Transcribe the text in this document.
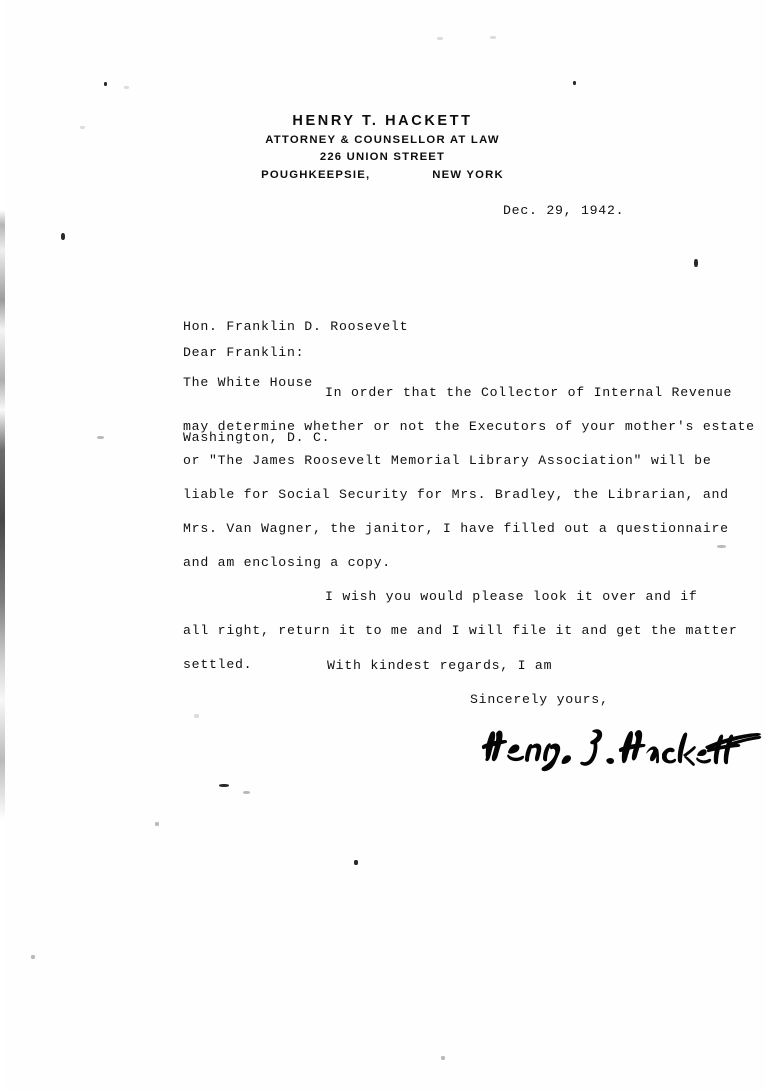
HENRY T. HACKETT
ATTORNEY & COUNSELLOR AT LAW
226 UNION STREET
POUGHKEEPSIE,	NEW YORK
Dec. 29, 1942.

Hon. Franklin D. Roosevelt

The White House

Washington, D. C.

Dear Franklin:
In order that the Collector of Internal Revenue
may determine whether or not the Executors of your mother's estate
or "The James Roosevelt Memorial Library Association" will be
liable for Social Security for Mrs. Bradley, the Librarian, and
Mrs. Van Wagner, the janitor, I have filled out a questionnaire
and am enclosing a copy.
I wish you would please look it over and if
all right, return it to me and I will file it and get the matter
settled.	With kindest regards, I am
Sincerely yours,
